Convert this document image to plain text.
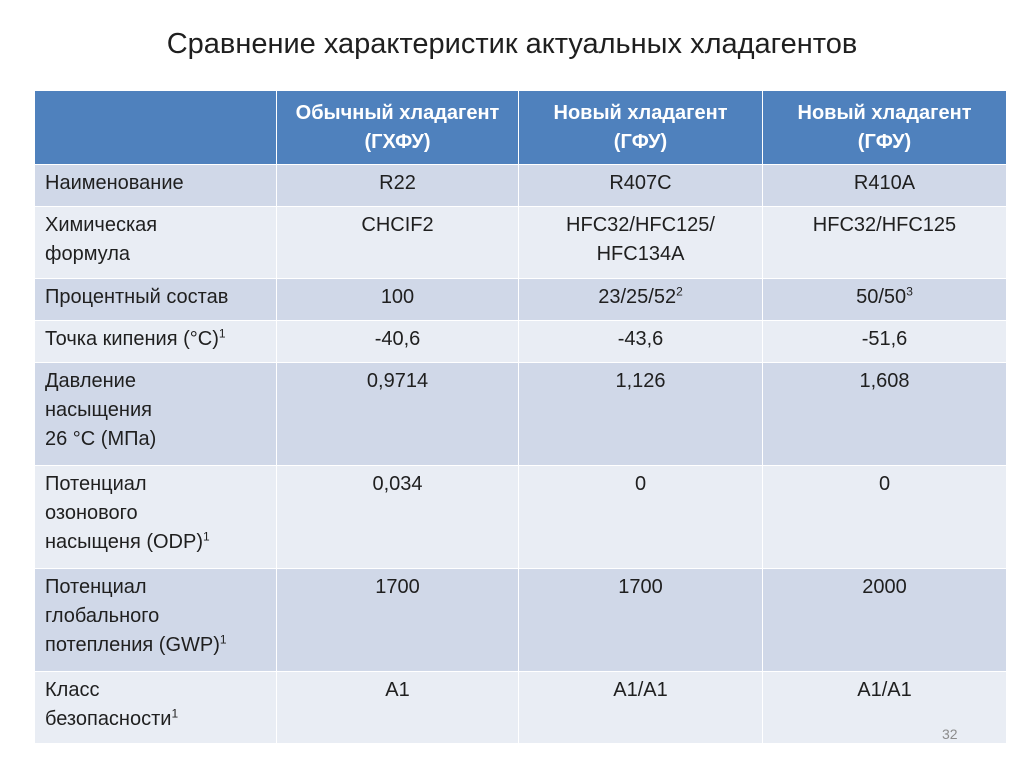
Сравнение характеристик актуальных хладагентов
	Обычный хладагент (ГХФУ)	Новый хладагент (ГФУ)	Новый хладагент (ГФУ)

Наименование	R22	R407C	R410A

Химическая
формула	CHCIF2	HFC32/HFC125/ HFC134A	HFC32/HFC125

Процентный состав	100	$23/25/52^2$	$50/50^3$

Точка кипения $(^\circ C)^1$	-40,6	-43,6	-51,6

Давление
насыщения
26 °C (МПа)	0,9714	1,126	1,608

Потенциал
озонового
насыщеня (ODP)$^1$	0,034	0	0

Потенциал
глобального
потепления (GWP)$^1$	1700	1700	2000

Класс
безопасности$^1$	A1	A1/A1	A1/A1
32
